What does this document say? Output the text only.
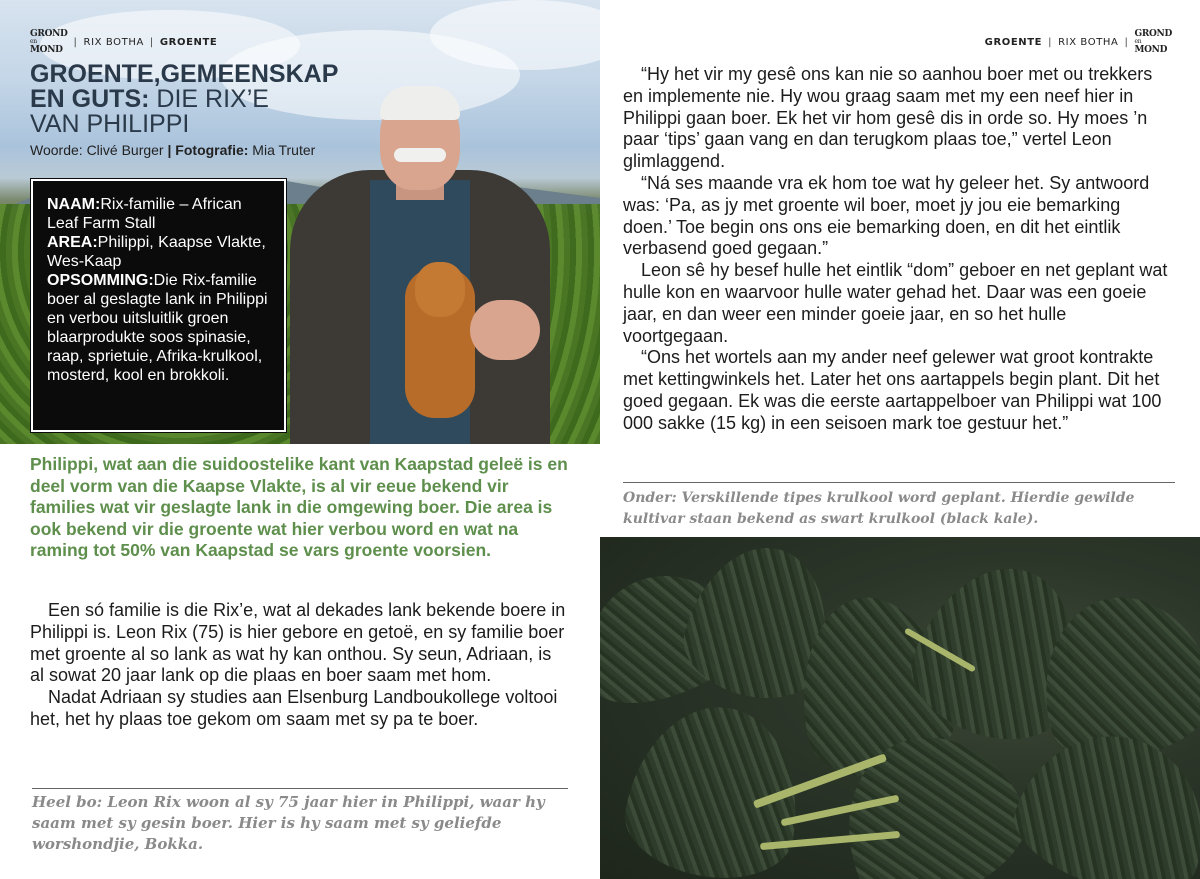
GROND
en
MOND
| RIX BOTHA | GROENTE
GROENTE,GEMEENSKAP EN GUTS: DIE RIX’E
VAN PHILIPPI
Woorde: Clivé Burger | Fotografie: Mia Truter
NAAM:Rix-familie – African Leaf Farm Stall
AREA:Philippi, Kaapse Vlakte, Wes-Kaap
OPSOMMING:Die Rix-familie boer al geslagte lank in Philippi en verbou uitsluitlik groen blaarprodukte soos spinasie, raap, sprietuie, Afrika-krulkool, mosterd, kool en brokkoli.
Philippi, wat aan die suidoostelike kant van Kaapstad geleë is en deel vorm van die Kaapse Vlakte, is al vir eeue bekend vir families wat vir geslagte lank in die omgewing boer. Die area is ook bekend vir die groente wat hier verbou word en wat na raming tot 50% van Kaapstad se vars groente voorsien.

Een só familie is die Rix’e, wat al dekades lank bekende boere in Philippi is. Leon Rix (75) is hier gebore en getoë, en sy familie boer met groente al so lank as wat hy kan onthou. Sy seun, Adriaan, is al sowat 20 jaar lank op die plaas en boer saam met hom.

Nadat Adriaan sy studies aan Elsenburg Landboukollege voltooi het, het hy plaas toe gekom om saam met sy pa te boer.

Heel bo: Leon Rix woon al sy 75 jaar hier in Philippi, waar hy saam met sy gesin boer. Hier is hy saam met sy geliefde worshondjie, Bokka.
GROENTE | RIX BOTHA |
GROND
en
MOND

“Hy het vir my gesê ons kan nie so aanhou boer met ou trekkers en implemente nie. Hy wou graag saam met my een neef hier in Philippi gaan boer. Ek het vir hom gesê dis in orde so. Hy moes ’n paar ‘tips’ gaan vang en dan terugkom plaas toe,” vertel Leon glimlaggend.

“Ná ses maande vra ek hom toe wat hy geleer het. Sy antwoord was: ‘Pa, as jy met groente wil boer, moet jy jou eie bemarking doen.’ Toe begin ons ons eie bemarking doen, en dit het eintlik verbasend goed gegaan.”

Leon sê hy besef hulle het eintlik “dom” geboer en net geplant wat hulle kon en waarvoor hulle water gehad het. Daar was een goeie jaar, en dan weer een minder goeie jaar, en so het hulle voortgegaan.

“Ons het wortels aan my ander neef gelewer wat groot kontrakte met kettingwinkels het. Later het ons aartappels begin plant. Dit het goed gegaan. Ek was die eerste aartappelboer van Philippi wat 100 000 sakke (15 kg) in een seisoen mark toe gestuur het.”

Onder: Verskillende tipes krulkool word geplant. Hierdie gewilde kultivar staan bekend as swart krulkool (black kale).
